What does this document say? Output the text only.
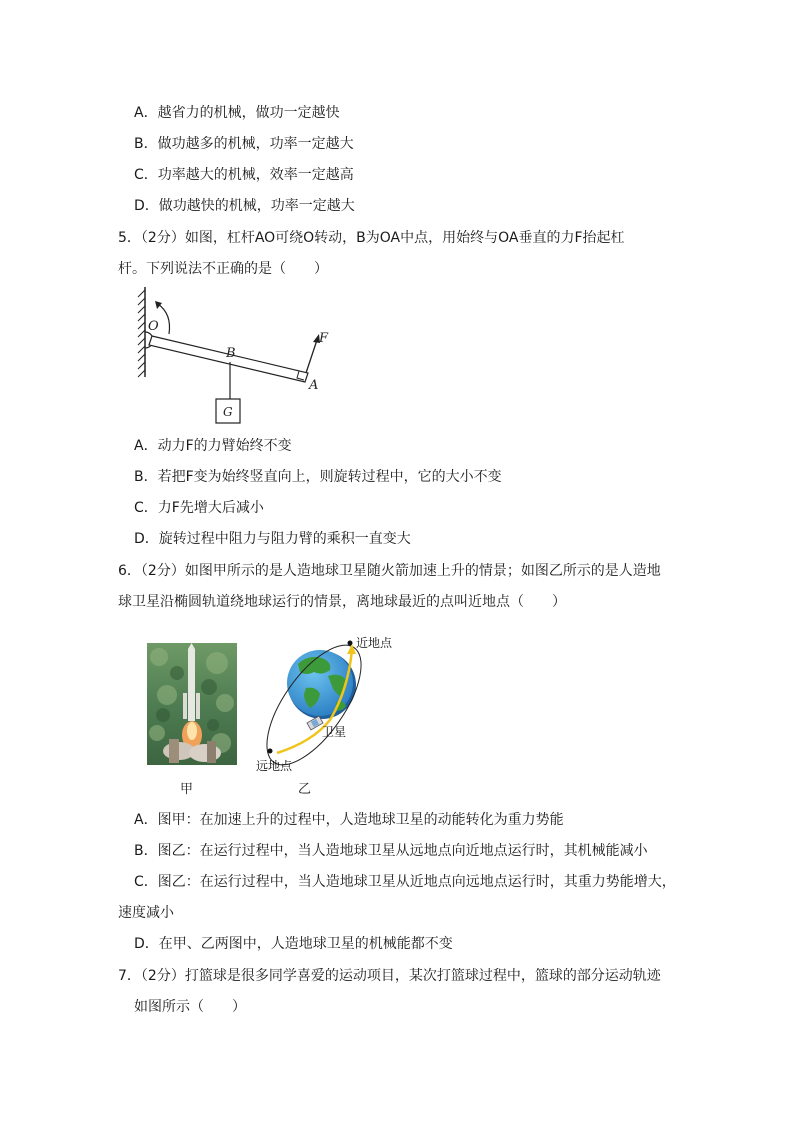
A．越省力的机械，做功一定越快
B．做功越多的机械，功率一定越大
C．功率越大的机械，效率一定越高
D．做功越快的机械，功率一定越大
5．（2分）如图，杠杆AO可绕O转动，B为OA中点，用始终与OA垂直的力F抬起杠
杆。下列说法不正确的是（　　）
O
B
F
A
G
A．动力F的力臂始终不变
B．若把F变为始终竖直向上，则旋转过程中，它的大小不变
C．力F先增大后减小
D．旋转过程中阻力与阻力臂的乘积一直变大
6．（2分）如图甲所示的是人造地球卫星随火箭加速上升的情景；如图乙所示的是人造地
球卫星沿椭圆轨道绕地球运行的情景，离地球最近的点叫近地点（　　）
甲
近地点
卫星
远地点
乙
A．图甲：在加速上升的过程中，人造地球卫星的动能转化为重力势能
B．图乙：在运行过程中，当人造地球卫星从远地点向近地点运行时，其机械能减小
C．图乙：在运行过程中，当人造地球卫星从近地点向远地点运行时，其重力势能增大，
速度减小
D．在甲、乙两图中，人造地球卫星的机械能都不变
7．（2分）打篮球是很多同学喜爱的运动项目，某次打篮球过程中，篮球的部分运动轨迹
如图所示（　　）
